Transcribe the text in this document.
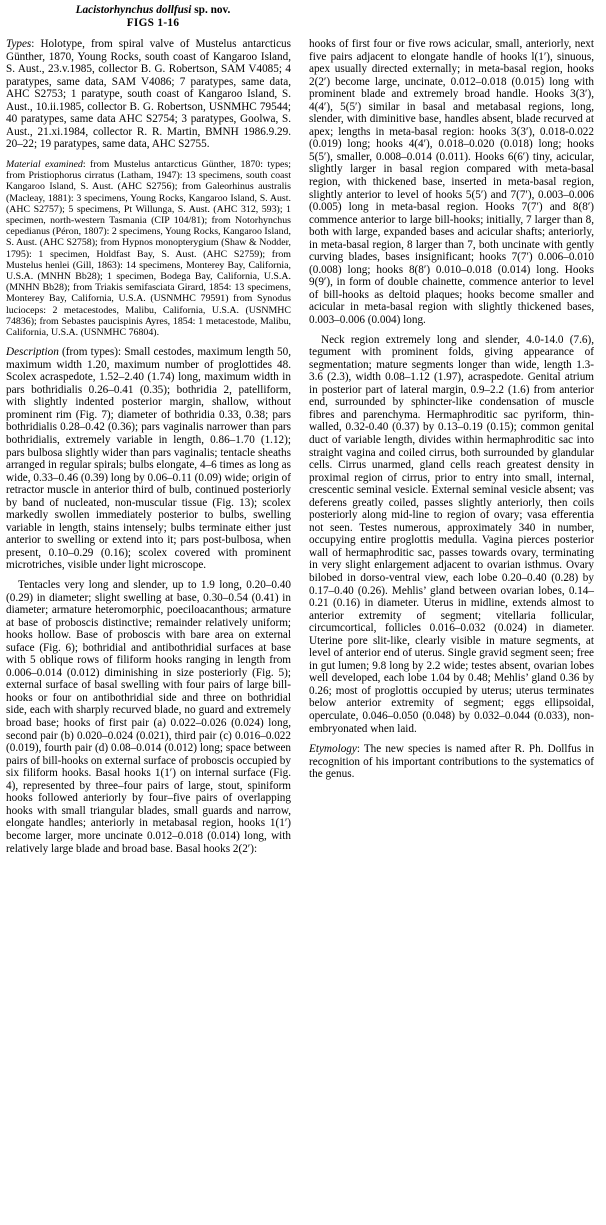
Lacistorhynchus dollfusi sp. nov.
FIGS 1-16

Types: Holotype, from spiral valve of Mustelus antarcticus Günther, 1870, Young Rocks, south coast of Kangaroo Island, S. Aust., 23.v.1985, collector B. G. Robertson, SAM V4085; 4 paratypes, same data, SAM V4086; 7 paratypes, same data, AHC S2753; 1 paratype, south coast of Kangaroo Island, S. Aust., 10.ii.1985, collector B. G. Robertson, USNMHC 79544; 40 paratypes, same data AHC S2754; 3 paratypes, Goolwa, S. Aust., 21.xi.1984, collector R. R. Martin, BMNH 1986.9.29. 20–22; 19 paratypes, same data, AHC S2755.

Material examined: from Mustelus antarcticus Günther, 1870: types; from Pristiophorus cirratus (Latham, 1947): 13 specimens, south coast Kangaroo Island, S. Aust. (AHC S2756); from Galeorhinus australis (Macleay, 1881): 3 specimens, Young Rocks, Kangaroo Island, S. Aust. (AHC S2757); 5 specimens, Pt Willunga, S. Aust. (AHC 312, 593); 1 specimen, north-western Tasmania (CIP 104/81); from Notorhynchus cepedianus (Péron, 1807): 2 specimens, Young Rocks, Kangaroo Island, S. Aust. (AHC S2758); from Hypnos monopterygium (Shaw & Nodder, 1795): 1 specimen, Holdfast Bay, S. Aust. (AHC S2759); from Mustelus henlei (Gill, 1863): 14 specimens, Monterey Bay, California, U.S.A. (MNHN Bb28); 1 specimen, Bodega Bay, California, U.S.A. (MNHN Bb28); from Triakis semifasciata Girard, 1854: 13 specimens, Monterey Bay, California, U.S.A. (USNMHC 79591) from Synodus lucioceps: 2 metacestodes, Malibu, California, U.S.A. (USNMHC 74836); from Sebastes paucispinis Ayres, 1854: 1 metacestode, Malibu, California, U.S.A. (USNMHC 76804).

Description (from types): Small cestodes, maximum length 50, maximum width 1.20, maximum number of proglottides 48. Scolex acraspedote, 1.52–2.40 (1.74) long, maximum width in pars bothridialis 0.26–0.41 (0.35); bothridia 2, patelliform, with slightly indented posterior margin, shallow, without prominent rim (Fig. 7); diameter of bothridia 0.33, 0.38; pars bothridialis 0.28–0.42 (0.36); pars vaginalis narrower than pars bothridialis, extremely variable in length, 0.86–1.70 (1.12); pars bulbosa slightly wider than pars vaginalis; tentacle sheaths arranged in regular spirals; bulbs elongate, 4–6 times as long as wide, 0.33–0.46 (0.39) long by 0.06–0.11 (0.09) wide; origin of retractor muscle in anterior third of bulb, continued posteriorly by band of nucleated, non-muscular tissue (Fig. 13); scolex markedly swollen immediately posterior to bulbs, swelling variable in length, stains intensely; bulbs terminate either just anterior to swelling or extend into it; pars post-bulbosa, when present, 0.10–0.29 (0.16); scolex covered with prominent microtriches, visible under light microscope.

Tentacles very long and slender, up to 1.9 long, 0.20–0.40 (0.29) in diameter; slight swelling at base, 0.30–0.54 (0.41) in diameter; armature heteromorphic, poeciloacanthous; armature at base of proboscis distinctive; remainder relatively uniform; hooks hollow. Base of proboscis with bare area on external suface (Fig. 6); bothridial and antibothridial surfaces at base with 5 oblique rows of filiform hooks ranging in length from 0.006–0.014 (0.012) diminishing in size posteriorly (Fig. 5); external surface of basal swelling with four pairs of large bill-hooks or four on antibothridial side and three on bothridial side, each with sharply recurved blade, no guard and extremely broad base; hooks of first pair (a) 0.022–0.026 (0.024) long, second pair (b) 0.020–0.024 (0.021), third pair (c) 0.016–0.022 (0.019), fourth pair (d) 0.08–0.014 (0.012) long; space between pairs of bill-hooks on external surface of proboscis occupied by six filiform hooks. Basal hooks 1(1′) on internal surface (Fig. 4), represented by three–four pairs of large, stout, spiniform hooks followed anteriorly by four–five pairs of overlapping hooks with small triangular blades, small guards and narrow, elongate handles; anteriorly in metabasal region, hooks 1(1′) become larger, more uncinate 0.012–0.018 (0.014) long, with relatively large blade and broad base. Basal hooks 2(2′):

hooks of first four or five rows acicular, small, anteriorly, next five pairs adjacent to elongate handle of hooks l(1′), sinuous, apex usually directed externally; in meta-basal region, hooks 2(2′) become large, uncinate, 0.012–0.018 (0.015) long with prominent blade and extremely broad handle. Hooks 3(3′), 4(4′), 5(5′) similar in basal and metabasal regions, long, slender, with diminitive base, handles absent, blade recurved at apex; lengths in meta-basal region: hooks 3(3′), 0.018-0.022 (0.019) long; hooks 4(4′), 0.018–0.020 (0.018) long; hooks 5(5′), smaller, 0.008–0.014 (0.011). Hooks 6(6′) tiny, acicular, slightly larger in basal region compared with meta-basal region, with thickened base, inserted in meta-basal region, slightly anterior to level of hooks 5(5′) and 7(7′), 0.003–0.006 (0.005) long in meta-basal region. Hooks 7(7′) and 8(8′) commence anterior to large bill-hooks; initially, 7 larger than 8, both with large, expanded bases and acicular shafts; anteriorly, in meta-basal region, 8 larger than 7, both uncinate with gently curving blades, bases insignificant; hooks 7(7′) 0.006–0.010 (0.008) long; hooks 8(8′) 0.010–0.018 (0.014) long. Hooks 9(9′), in form of double chainette, commence anterior to level of bill-hooks as deltoid plaques; hooks become smaller and acicular in meta-basal region with slightly thickened bases, 0.003–0.006 (0.004) long.

Neck region extremely long and slender, 4.0-14.0 (7.6), tegument with prominent folds, giving appearance of segmentation; mature segments longer than wide, length 1.3-3.6 (2.3), width 0.08–1.12 (1.97), acraspedote. Genital atrium in posterior part of lateral margin, 0.9–2.2 (1.6) from anterior end, surrounded by sphincter-like condensation of muscle fibres and parenchyma. Hermaphroditic sac pyriform, thin-walled, 0.32-0.40 (0.37) by 0.13–0.19 (0.15); common genital duct of variable length, divides within hermaphroditic sac into straight vagina and coiled cirrus, both surrounded by glandular cells. Cirrus unarmed, gland cells reach greatest density in proximal region of cirrus, prior to entry into small, internal, crescentic seminal vesicle. External seminal vesicle absent; vas deferens greatly coiled, passes slightly anteriorly, then coils posteriorly along mid-line to region of ovary; vasa efferentia not seen. Testes numerous, approximately 340 in number, occupying entire proglottis medulla. Vagina pierces posterior wall of hermaphroditic sac, passes towards ovary, terminating in very slight enlargement adjacent to ovarian isthmus. Ovary bilobed in dorso-ventral view, each lobe 0.20–0.40 (0.28) by 0.17–0.40 (0.26). Mehlis’ gland between ovarian lobes, 0.14–0.21 (0.16) in diameter. Uterus in midline, extends almost to anterior extremity of segment; vitellaria follicular, circumcortical, follicles 0.016–0.032 (0.024) in diameter. Uterine pore slit-like, clearly visible in mature segments, at level of anterior end of uterus. Single gravid segment seen; free in gut lumen; 9.8 long by 2.2 wide; testes absent, ovarian lobes well developed, each lobe 1.04 by 0.48; Mehlis’ gland 0.36 by 0.26; most of proglottis occupied by uterus; uterus terminates below anterior extremity of segment; eggs ellipsoidal, operculate, 0.046–0.050 (0.048) by 0.032–0.044 (0.033), non-embryonated when laid.

Etymology: The new species is named after R. Ph. Dollfus in recognition of his important contributions to the systematics of the genus.
